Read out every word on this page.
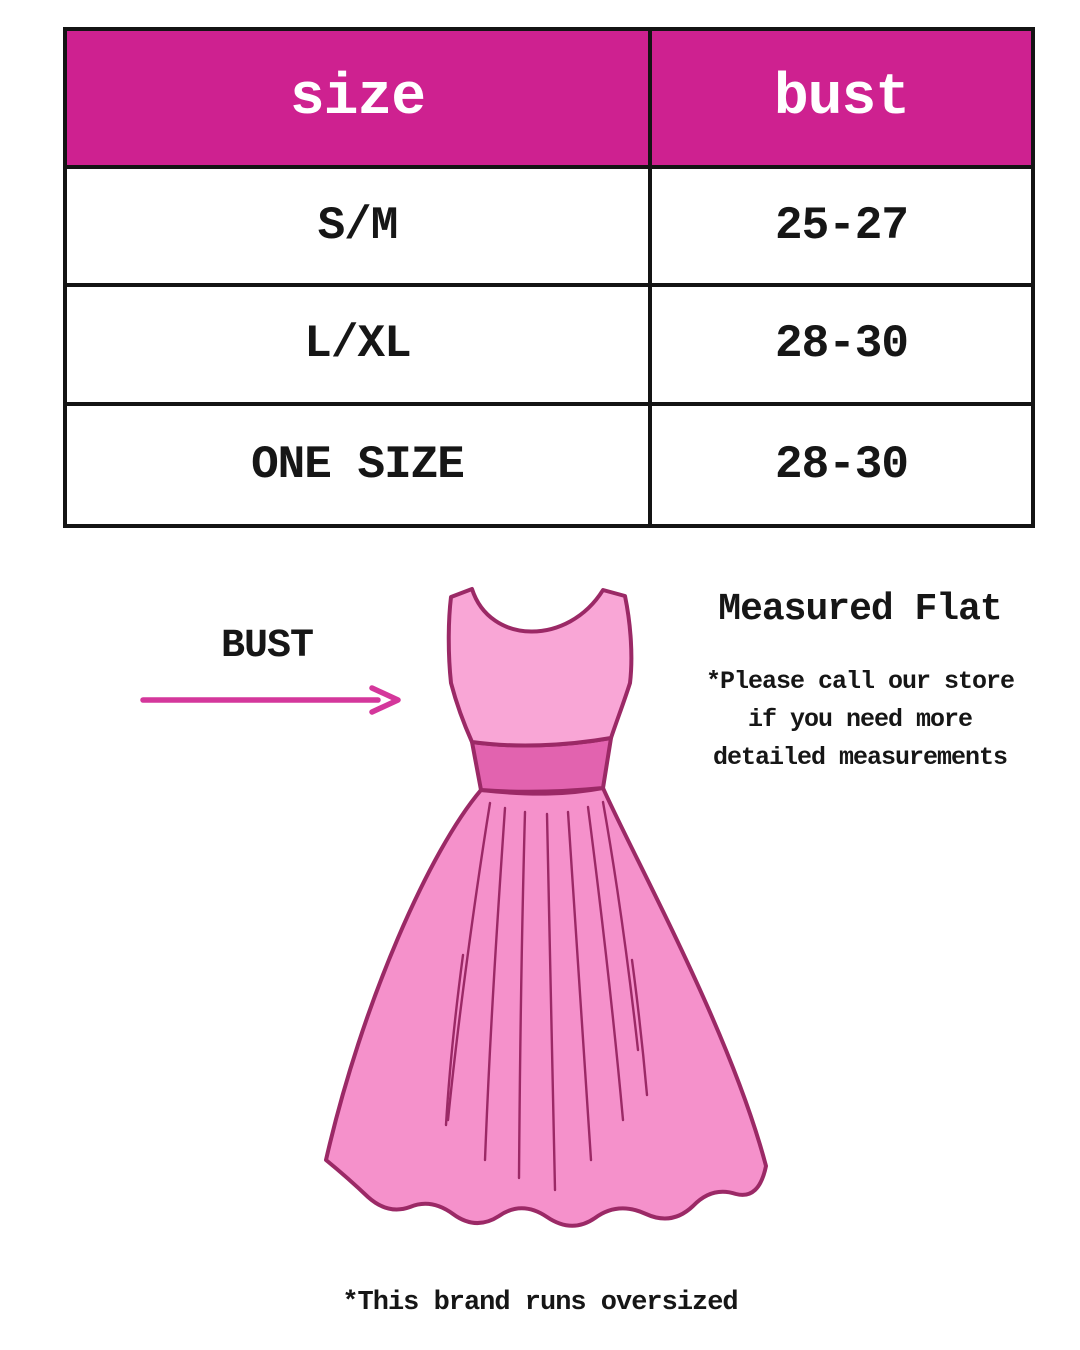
size	bust
S/M	25-27
L/XL	28-30
ONE SIZE	28-30
BUST
Measured Flat
*Please call our store
if you need more
detailed measurements
*This brand runs oversized
